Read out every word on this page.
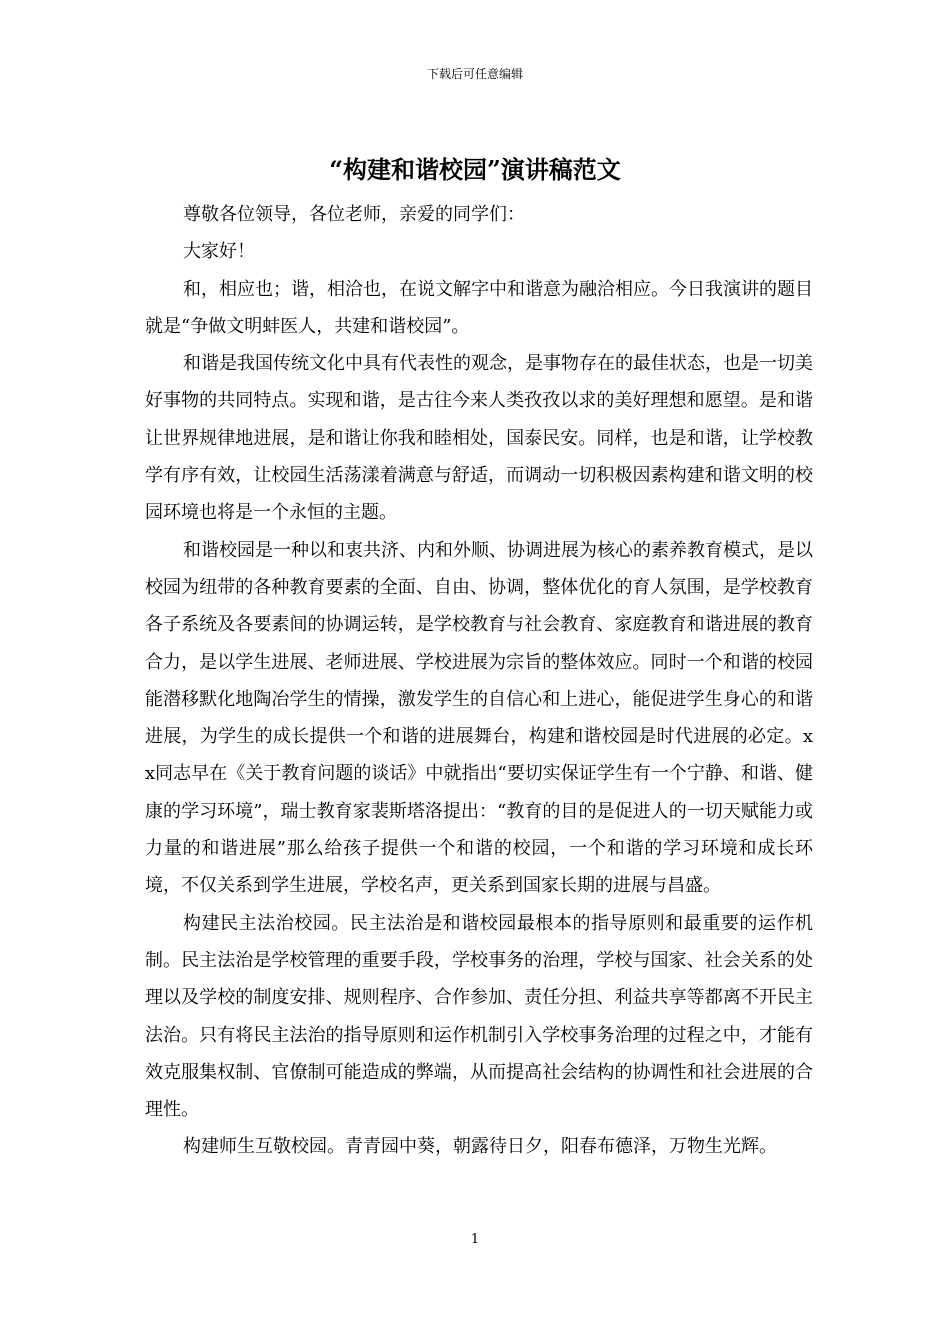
下载后可任意编辑
“构建和谐校园”演讲稿范文

尊敬各位领导，各位老师，亲爱的同学们：

大家好！

和，相应也；谐，相洽也，在说文解字中和谐意为融洽相应。今日我演讲的题目就是“争做文明蚌医人，共建和谐校园”。

和谐是我国传统文化中具有代表性的观念，是事物存在的最佳状态，也是一切美好事物的共同特点。实现和谐，是古往今来人类孜孜以求的美好理想和愿望。是和谐让世界规律地进展，是和谐让你我和睦相处，国泰民安。同样，也是和谐，让学校教学有序有效，让校园生活荡漾着满意与舒适，而调动一切积极因素构建和谐文明的校园环境也将是一个永恒的主题。

和谐校园是一种以和衷共济、内和外顺、协调进展为核心的素养教育模式，是以校园为纽带的各种教育要素的全面、自由、协调，整体优化的育人氛围，是学校教育各子系统及各要素间的协调运转，是学校教育与社会教育、家庭教育和谐进展的教育合力，是以学生进展、老师进展、学校进展为宗旨的整体效应。同时一个和谐的校园能潜移默化地陶冶学生的情操，激发学生的自信心和上进心，能促进学生身心的和谐进展，为学生的成长提供一个和谐的进展舞台，构建和谐校园是时代进展的必定。xx同志早在《关于教育问题的谈话》中就指出“要切实保证学生有一个宁静、和谐、健康的学习环境”，瑞士教育家裴斯塔洛提出：“教育的目的是促进人的一切天赋能力或力量的和谐进展”那么给孩子提供一个和谐的校园，一个和谐的学习环境和成长环境，不仅关系到学生进展，学校名声，更关系到国家长期的进展与昌盛。

构建民主法治校园。民主法治是和谐校园最根本的指导原则和最重要的运作机制。民主法治是学校管理的重要手段，学校事务的治理，学校与国家、社会关系的处理以及学校的制度安排、规则程序、合作参加、责任分担、利益共享等都离不开民主法治。只有将民主法治的指导原则和运作机制引入学校事务治理的过程之中，才能有效克服集权制、官僚制可能造成的弊端，从而提高社会结构的协调性和社会进展的合理性。

构建师生互敬校园。青青园中葵，朝露待日夕，阳春布德泽，万物生光辉。

1
